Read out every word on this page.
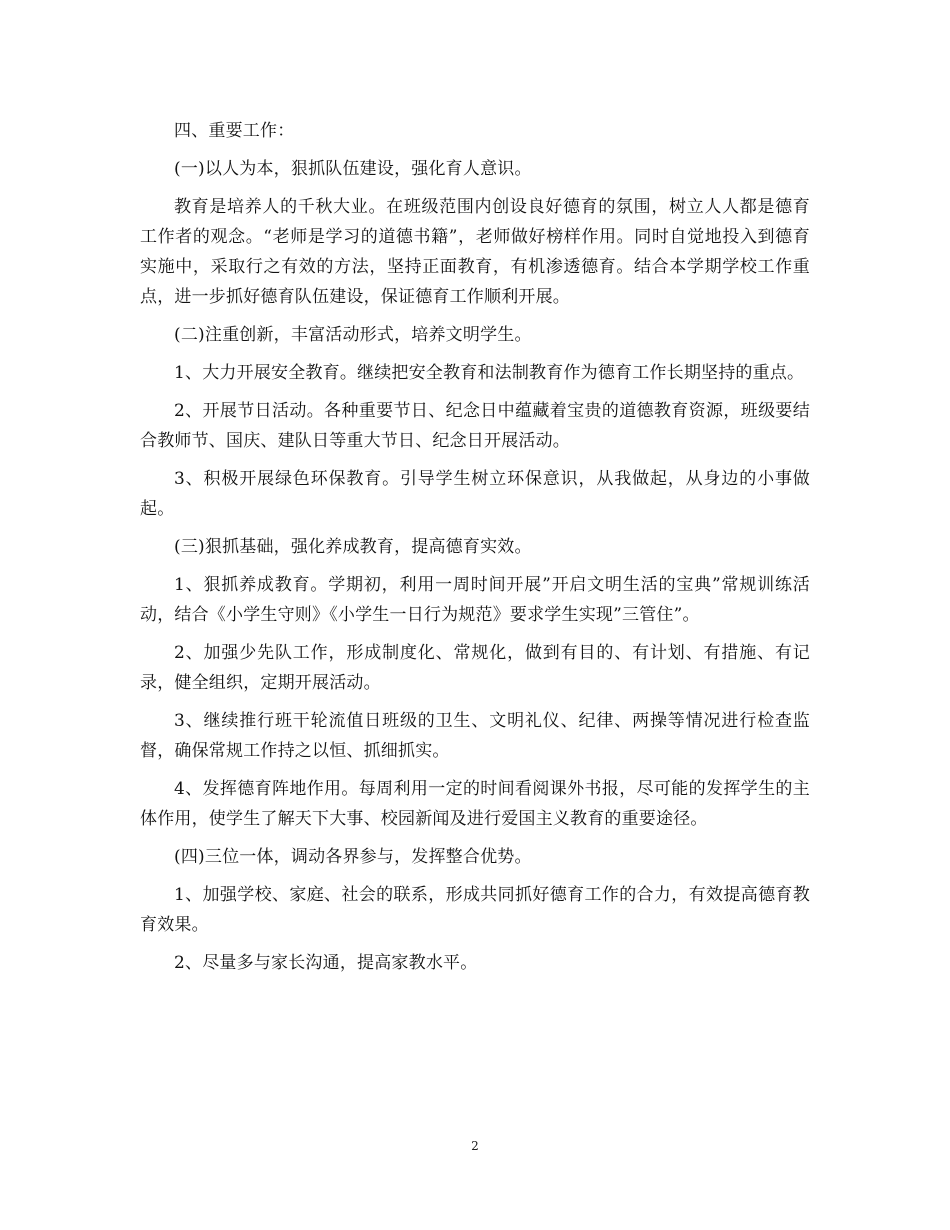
四、重要工作：

(一)以人为本，狠抓队伍建设，强化育人意识。

教育是培养人的千秋大业。在班级范围内创设良好德育的氛围，树立人人都是德育工作者的观念。“老师是学习的道德书籍”，老师做好榜样作用。同时自觉地投入到德育实施中，采取行之有效的方法，坚持正面教育，有机渗透德育。结合本学期学校工作重点，进一步抓好德育队伍建设，保证德育工作顺利开展。

(二)注重创新，丰富活动形式，培养文明学生。

1、大力开展安全教育。继续把安全教育和法制教育作为德育工作长期坚持的重点。

2、开展节日活动。各种重要节日、纪念日中蕴藏着宝贵的道德教育资源，班级要结合教师节、国庆、建队日等重大节日、纪念日开展活动。

3、积极开展绿色环保教育。引导学生树立环保意识，从我做起，从身边的小事做起。

(三)狠抓基础，强化养成教育，提高德育实效。

1、狠抓养成教育。学期初，利用一周时间开展”开启文明生活的宝典”常规训练活动，结合《小学生守则》《小学生一日行为规范》要求学生实现”三管住”。

2、加强少先队工作，形成制度化、常规化，做到有目的、有计划、有措施、有记录，健全组织，定期开展活动。

3、继续推行班干轮流值日班级的卫生、文明礼仪、纪律、两操等情况进行检查监督，确保常规工作持之以恒、抓细抓实。

4、发挥德育阵地作用。每周利用一定的时间看阅课外书报，尽可能的发挥学生的主体作用，使学生了解天下大事、校园新闻及进行爱国主义教育的重要途径。

(四)三位一体，调动各界参与，发挥整合优势。

1、加强学校、家庭、社会的联系，形成共同抓好德育工作的合力，有效提高德育教育效果。

2、尽量多与家长沟通，提高家教水平。

2
